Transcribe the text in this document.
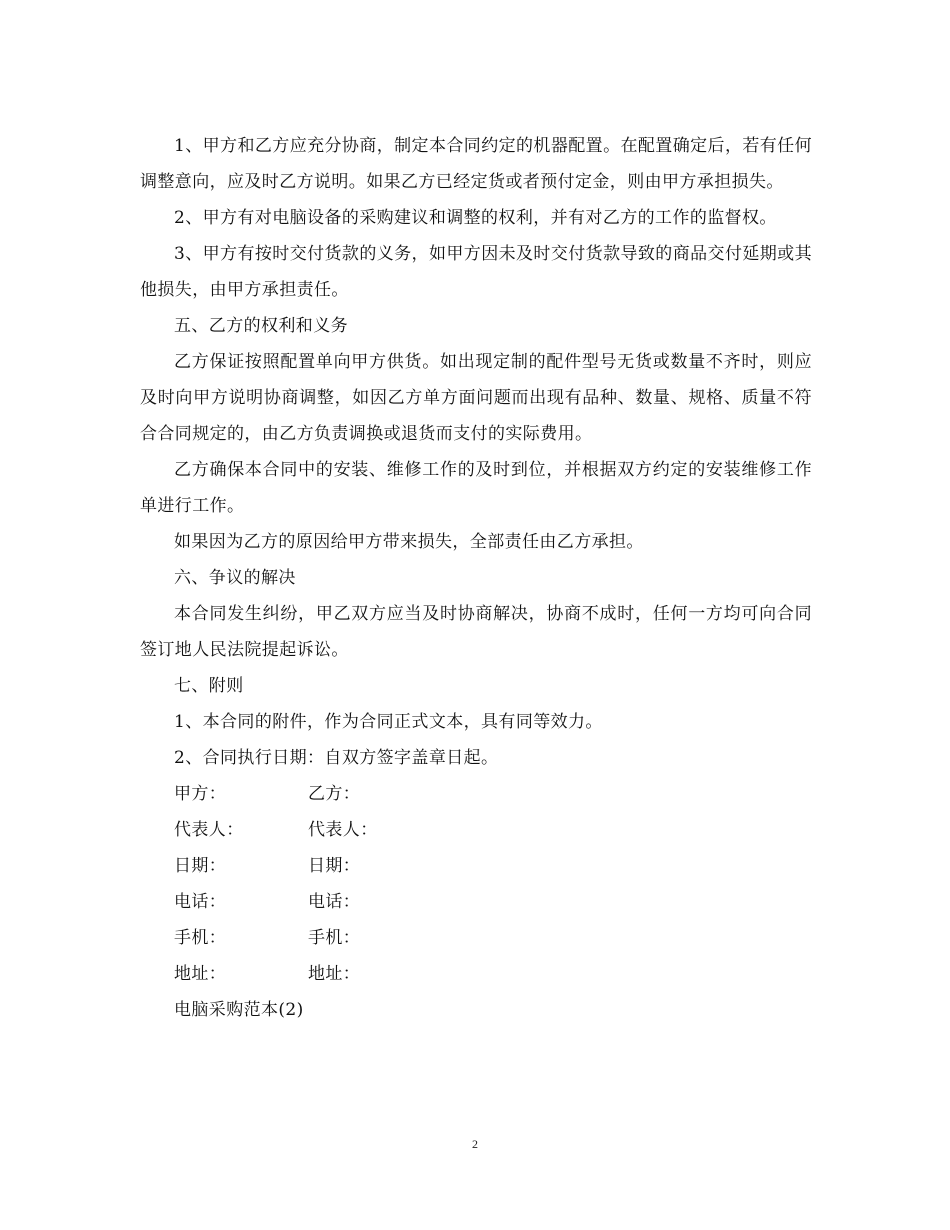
1、甲方和乙方应充分协商，制定本合同约定的机器配置。在配置确定后，若有任何调整意向，应及时乙方说明。如果乙方已经定货或者预付定金，则由甲方承担损失。

2、甲方有对电脑设备的采购建议和调整的权利，并有对乙方的工作的监督权。

3、甲方有按时交付货款的义务，如甲方因未及时交付货款导致的商品交付延期或其他损失，由甲方承担责任。

五、乙方的权利和义务

乙方保证按照配置单向甲方供货。如出现定制的配件型号无货或数量不齐时，则应及时向甲方说明协商调整，如因乙方单方面问题而出现有品种、数量、规格、质量不符合合同规定的，由乙方负责调换或退货而支付的实际费用。

乙方确保本合同中的安装、维修工作的及时到位，并根据双方约定的安装维修工作单进行工作。

如果因为乙方的原因给甲方带来损失，全部责任由乙方承担。

六、争议的解决

本合同发生纠纷，甲乙双方应当及时协商解决，协商不成时，任何一方均可向合同签订地人民法院提起诉讼。

七、附则

1、本合同的附件，作为合同正式文本，具有同等效力。

2、合同执行日期：自双方签字盖章日起。

甲方：	乙方：
代表人：	代表人：
日期：	日期：
电话：	电话：
手机：	手机：
地址：	地址：

电脑采购范本(2)

2
